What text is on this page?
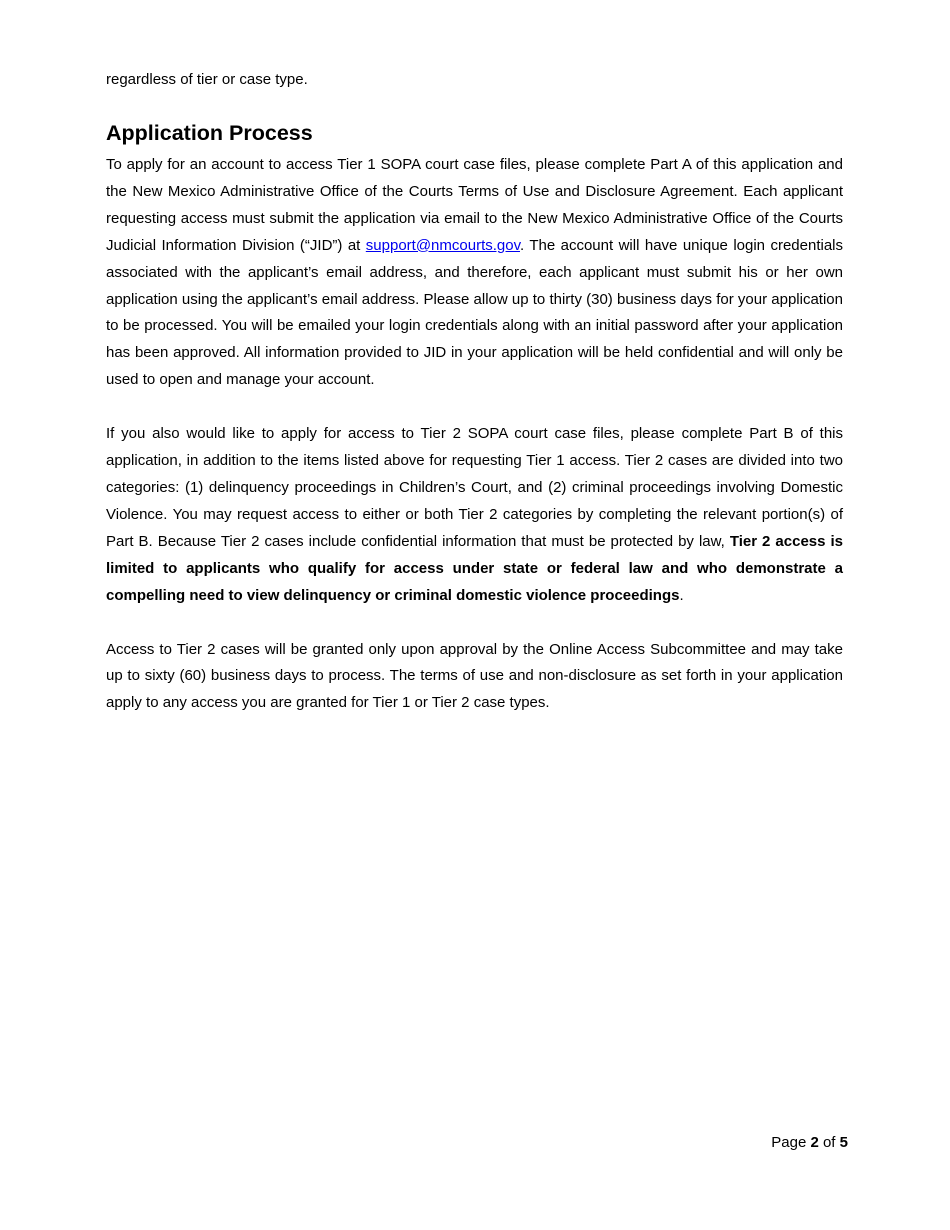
regardless of tier or case type.

Application Process

To apply for an account to access Tier 1 SOPA court case files, please complete Part A of this application and the New Mexico Administrative Office of the Courts Terms of Use and Disclosure Agreement. Each applicant requesting access must submit the application via email to the New Mexico Administrative Office of the Courts Judicial Information Division (“JID”) at support@nmcourts.gov. The account will have unique login credentials associated with the applicant’s email address, and therefore, each applicant must submit his or her own application using the applicant’s email address. Please allow up to thirty (30) business days for your application to be processed. You will be emailed your login credentials along with an initial password after your application has been approved. All information provided to JID in your application will be held confidential and will only be used to open and manage your account.

If you also would like to apply for access to Tier 2 SOPA court case files, please complete Part B of this application, in addition to the items listed above for requesting Tier 1 access. Tier 2 cases are divided into two categories: (1) delinquency proceedings in Children’s Court, and (2) criminal proceedings involving Domestic Violence. You may request access to either or both Tier 2 categories by completing the relevant portion(s) of Part B. Because Tier 2 cases include confidential information that must be protected by law, Tier 2 access is limited to applicants who qualify for access under state or federal law and who demonstrate a compelling need to view delinquency or criminal domestic violence proceedings.

Access to Tier 2 cases will be granted only upon approval by the Online Access Subcommittee and may take up to sixty (60) business days to process. The terms of use and non-disclosure as set forth in your application apply to any access you are granted for Tier 1 or Tier 2 case types.

Page 2 of 5
